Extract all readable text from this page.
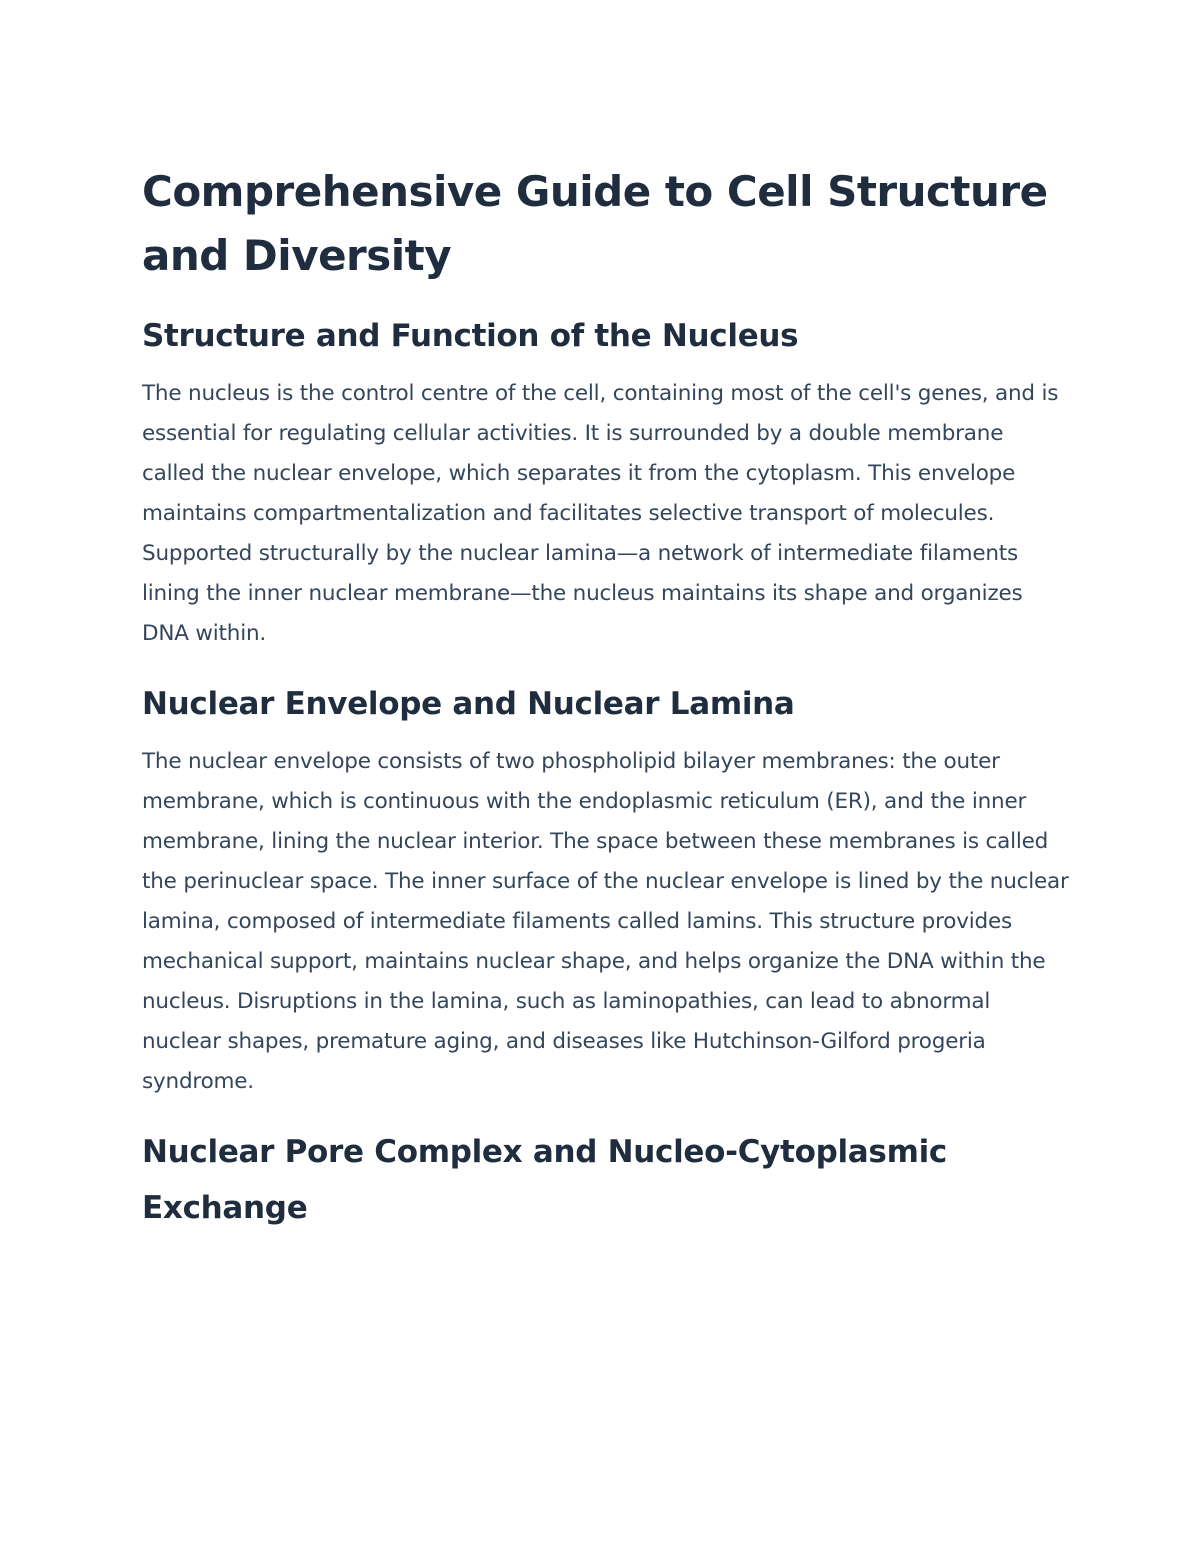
Comprehensive Guide to Cell Structure and Diversity
Structure and Function of the Nucleus

The nucleus is the control centre of the cell, containing most of the cell's genes, and is essential for regulating cellular activities. It is surrounded by a double membrane called the nuclear envelope, which separates it from the cytoplasm. This envelope maintains compartmentalization and facilitates selective transport of molecules. Supported structurally by the nuclear lamina—a network of intermediate filaments lining the inner nuclear membrane—the nucleus maintains its shape and organizes DNA within.

Nuclear Envelope and Nuclear Lamina

The nuclear envelope consists of two phospholipid bilayer membranes: the outer membrane, which is continuous with the endoplasmic reticulum (ER), and the inner membrane, lining the nuclear interior. The space between these membranes is called the perinuclear space. The inner surface of the nuclear envelope is lined by the nuclear lamina, composed of intermediate filaments called lamins. This structure provides mechanical support, maintains nuclear shape, and helps organize the DNA within the nucleus. Disruptions in the lamina, such as laminopathies, can lead to abnormal nuclear shapes, premature aging, and diseases like Hutchinson-Gilford progeria syndrome.

Nuclear Pore Complex and Nucleo-Cytoplasmic Exchange
